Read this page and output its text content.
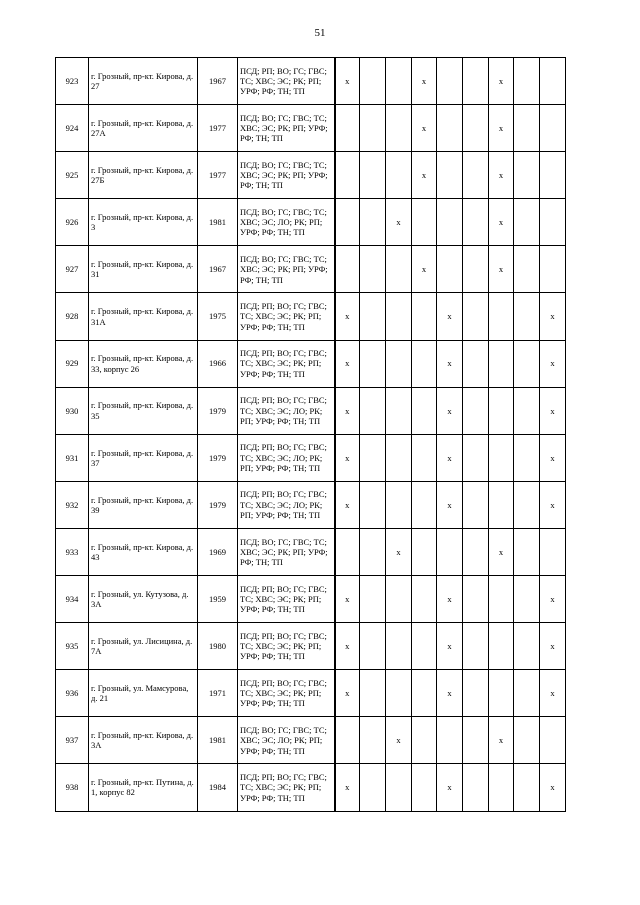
51
923	г. Грозный, пр-кт. Кирова, д. 27	1967	ПСД; РП; ВО; ГС; ГВС; ТС; ХВС; ЭС; РК; РП; УРФ; РФ; ТН; ТП	x			x			x		
924	г. Грозный, пр-кт. Кирова, д. 27А	1977	ПСД; ВО; ГС; ГВС; ТС; ХВС; ЭС; РК; РП; УРФ; РФ; ТН; ТП				x			x		
925	г. Грозный, пр-кт. Кирова, д. 27Б	1977	ПСД; ВО; ГС; ГВС; ТС; ХВС; ЭС; РК; РП; УРФ; РФ; ТН; ТП				x			x		
926	г. Грозный, пр-кт. Кирова, д. 3	1981	ПСД; ВО; ГС; ГВС; ТС; ХВС; ЭС; ЛО; РК; РП; УРФ; РФ; ТН; ТП			x				x		
927	г. Грозный, пр-кт. Кирова, д. 31	1967	ПСД; ВО; ГС; ГВС; ТС; ХВС; ЭС; РК; РП; УРФ; РФ; ТН; ТП				x			x		
928	г. Грозный, пр-кт. Кирова, д. 31А	1975	ПСД; РП; ВО; ГС; ГВС; ТС; ХВС; ЭС; РК; РП; УРФ; РФ; ТН; ТП	x				x				x
929	г. Грозный, пр-кт. Кирова, д. 33, корпус 26	1966	ПСД; РП; ВО; ГС; ГВС; ТС; ХВС; ЭС; РК; РП; УРФ; РФ; ТН; ТП	x				x				x
930	г. Грозный, пр-кт. Кирова, д. 35	1979	ПСД; РП; ВО; ГС; ГВС; ТС; ХВС; ЭС; ЛО; РК; РП; УРФ; РФ; ТН; ТП	x				x				x
931	г. Грозный, пр-кт. Кирова, д. 37	1979	ПСД; РП; ВО; ГС; ГВС; ТС; ХВС; ЭС; ЛО; РК; РП; УРФ; РФ; ТН; ТП	x				x				x
932	г. Грозный, пр-кт. Кирова, д. 39	1979	ПСД; РП; ВО; ГС; ГВС; ТС; ХВС; ЭС; ЛО; РК; РП; УРФ; РФ; ТН; ТП	x				x				x
933	г. Грозный, пр-кт. Кирова, д. 43	1969	ПСД; ВО; ГС; ГВС; ТС; ХВС; ЭС; РК; РП; УРФ; РФ; ТН; ТП			x				x		
934	г. Грозный, ул. Кутузова, д. 3А	1959	ПСД; РП; ВО; ГС; ГВС; ТС; ХВС; ЭС; РК; РП; УРФ; РФ; ТН; ТП	x				x				x
935	г. Грозный, ул. Лисицина, д. 7А	1980	ПСД; РП; ВО; ГС; ГВС; ТС; ХВС; ЭС; РК; РП; УРФ; РФ; ТН; ТП	x				x				x
936	г. Грозный, ул. Мамсурова, д. 21	1971	ПСД; РП; ВО; ГС; ГВС; ТС; ХВС; ЭС; РК; РП; УРФ; РФ; ТН; ТП	x				x				x
937	г. Грозный, пр-кт. Кирова, д. 3А	1981	ПСД; ВО; ГС; ГВС; ТС; ХВС; ЭС; ЛО; РК; РП; УРФ; РФ; ТН; ТП			x				x		
938	г. Грозный, пр-кт. Путина, д. 1, корпус 82	1984	ПСД; РП; ВО; ГС; ГВС; ТС; ХВС; ЭС; РК; РП; УРФ; РФ; ТН; ТП	x				x				x
